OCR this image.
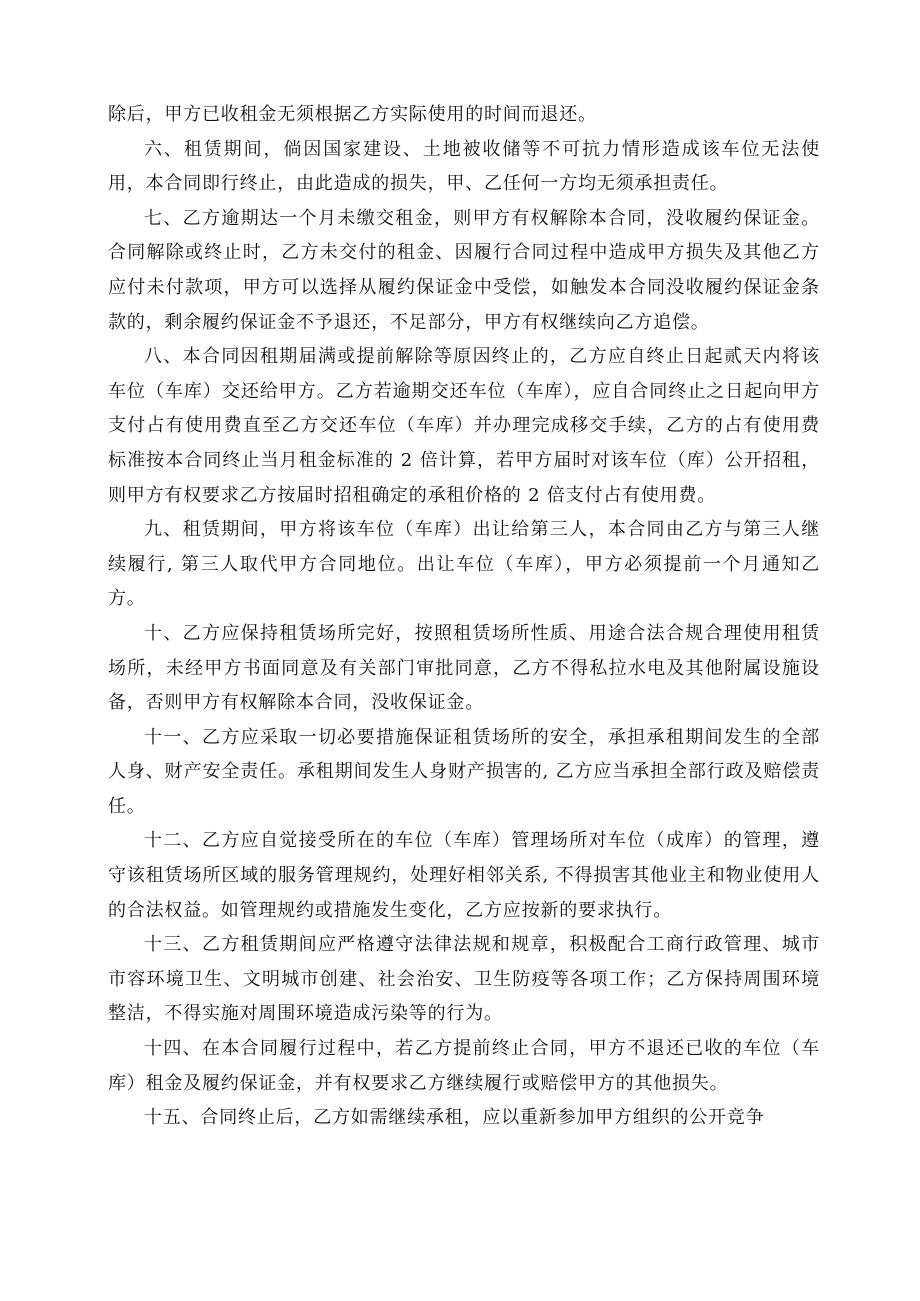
除后，甲方已收租金无须根据乙方实际使用的时间而退还。

六、租赁期间，倘因国家建设、土地被收储等不可抗力情形造成该车位无法使用，本合同即行终止，由此造成的损失，甲、乙任何一方均无须承担责任。

七、乙方逾期达一个月未缴交租金，则甲方有权解除本合同，没收履约保证金。合同解除或终止时，乙方未交付的租金、因履行合同过程中造成甲方损失及其他乙方应付未付款项，甲方可以选择从履约保证金中受偿，如触发本合同没收履约保证金条款的，剩余履约保证金不予退还，不足部分，甲方有权继续向乙方追偿。

八、本合同因租期届满或提前解除等原因终止的，乙方应自终止日起贰天内将该车位（车库）交还给甲方。乙方若逾期交还车位（车库），应自合同终止之日起向甲方支付占有使用费直至乙方交还车位（车库）并办理完成移交手续，乙方的占有使用费标准按本合同终止当月租金标准的 2 倍计算，若甲方届时对该车位（库）公开招租，则甲方有权要求乙方按届时招租确定的承租价格的 2 倍支付占有使用费。

九、租赁期间，甲方将该车位（车库）出让给第三人，本合同由乙方与第三人继续履行, 第三人取代甲方合同地位。出让车位（车库），甲方必须提前一个月通知乙方。

十、乙方应保持租赁场所完好，按照租赁场所性质、用途合法合规合理使用租赁场所，未经甲方书面同意及有关部门审批同意，乙方不得私拉水电及其他附属设施设备，否则甲方有权解除本合同，没收保证金。

十一、乙方应采取一切必要措施保证租赁场所的安全，承担承租期间发生的全部人身、财产安全责任。承租期间发生人身财产损害的, 乙方应当承担全部行政及赔偿责任。

十二、乙方应自觉接受所在的车位（车库）管理场所对车位（成库）的管理，遵守该租赁场所区域的服务管理规约，处理好相邻关系, 不得损害其他业主和物业使用人的合法权益。如管理规约或措施发生变化，乙方应按新的要求执行。

十三、乙方租赁期间应严格遵守法律法规和规章，积极配合工商行政管理、城市市容环境卫生、文明城市创建、社会治安、卫生防疫等各项工作；乙方保持周围环境整洁，不得实施对周围环境造成污染等的行为。

十四、在本合同履行过程中，若乙方提前终止合同，甲方不退还已收的车位（车库）租金及履约保证金，并有权要求乙方继续履行或赔偿甲方的其他损失。

十五、合同终止后，乙方如需继续承租，应以重新参加甲方组织的公开竞争
